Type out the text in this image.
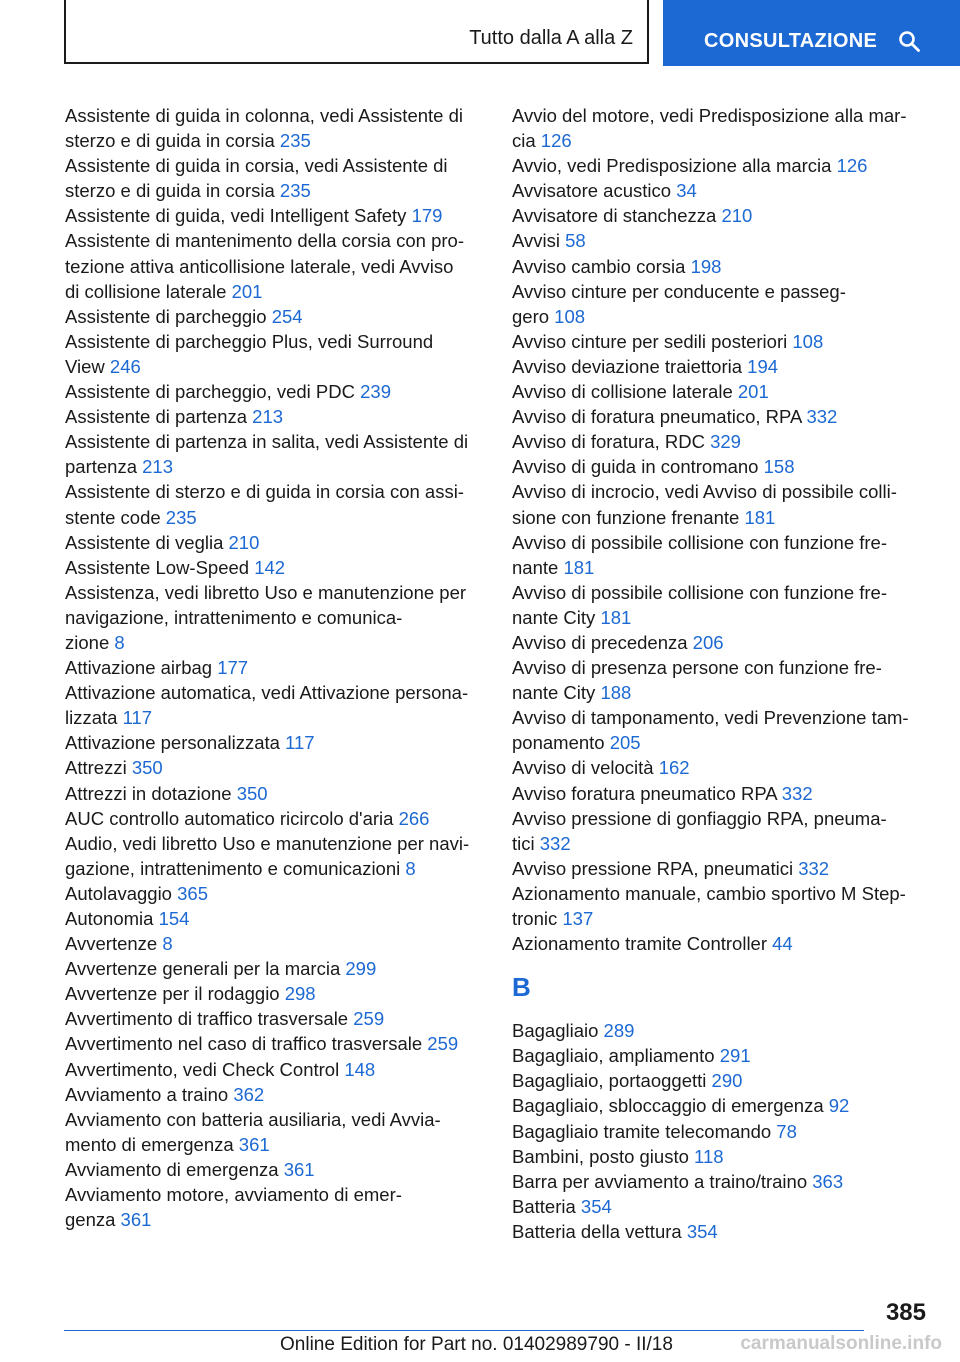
Tutto dalla A alla Z	CONSULTAZIONE
Assistente di guida in colonna, vedi Assistente di
sterzo e di guida in corsia 235
Assistente di guida in corsia, vedi Assistente di
sterzo e di guida in corsia 235
Assistente di guida, vedi Intelligent Safety 179
Assistente di mantenimento della corsia con pro‐
tezione attiva anticollisione laterale, vedi Avviso
di collisione laterale 201
Assistente di parcheggio 254
Assistente di parcheggio Plus, vedi Surround
View 246
Assistente di parcheggio, vedi PDC 239
Assistente di partenza 213
Assistente di partenza in salita, vedi Assistente di
partenza 213
Assistente di sterzo e di guida in corsia con assi‐
stente code 235
Assistente di veglia 210
Assistente Low-Speed 142
Assistenza, vedi libretto Uso e manutenzione per
navigazione, intrattenimento e comunica‐
zione 8
Attivazione airbag 177
Attivazione automatica, vedi Attivazione persona‐
lizzata 117
Attivazione personalizzata 117
Attrezzi 350
Attrezzi in dotazione 350
AUC controllo automatico ricircolo d'aria 266
Audio, vedi libretto Uso e manutenzione per navi‐
gazione, intrattenimento e comunicazioni 8
Autolavaggio 365
Autonomia 154
Avvertenze 8
Avvertenze generali per la marcia 299
Avvertenze per il rodaggio 298
Avvertimento di traffico trasversale 259
Avvertimento nel caso di traffico trasversale 259
Avvertimento, vedi Check Control 148
Avviamento a traino 362
Avviamento con batteria ausiliaria, vedi Avvia‐
mento di emergenza 361
Avviamento di emergenza 361
Avviamento motore, avviamento di emer‐
genza 361
Avvio del motore, vedi Predisposizione alla mar‐
cia 126
Avvio, vedi Predisposizione alla marcia 126
Avvisatore acustico 34
Avvisatore di stanchezza 210
Avvisi 58
Avviso cambio corsia 198
Avviso cinture per conducente e passeg‐
gero 108
Avviso cinture per sedili posteriori 108
Avviso deviazione traiettoria 194
Avviso di collisione laterale 201
Avviso di foratura pneumatico, RPA 332
Avviso di foratura, RDC 329
Avviso di guida in contromano 158
Avviso di incrocio, vedi Avviso di possibile colli‐
sione con funzione frenante 181
Avviso di possibile collisione con funzione fre‐
nante 181
Avviso di possibile collisione con funzione fre‐
nante City 181
Avviso di precedenza 206
Avviso di presenza persone con funzione fre‐
nante City 188
Avviso di tamponamento, vedi Prevenzione tam‐
ponamento 205
Avviso di velocità 162
Avviso foratura pneumatico RPA 332
Avviso pressione di gonfiaggio RPA, pneuma‐
tici 332
Avviso pressione RPA, pneumatici 332
Azionamento manuale, cambio sportivo M Step‐
tronic 137
Azionamento tramite Controller 44
B
Bagagliaio 289
Bagagliaio, ampliamento 291
Bagagliaio, portaoggetti 290
Bagagliaio, sbloccaggio di emergenza 92
Bagagliaio tramite telecomando 78
Bambini, posto giusto 118
Barra per avviamento a traino/traino 363
Batteria 354
Batteria della vettura 354
385
Online Edition for Part no. 01402989790 - II/18	carmanualsonline.info
